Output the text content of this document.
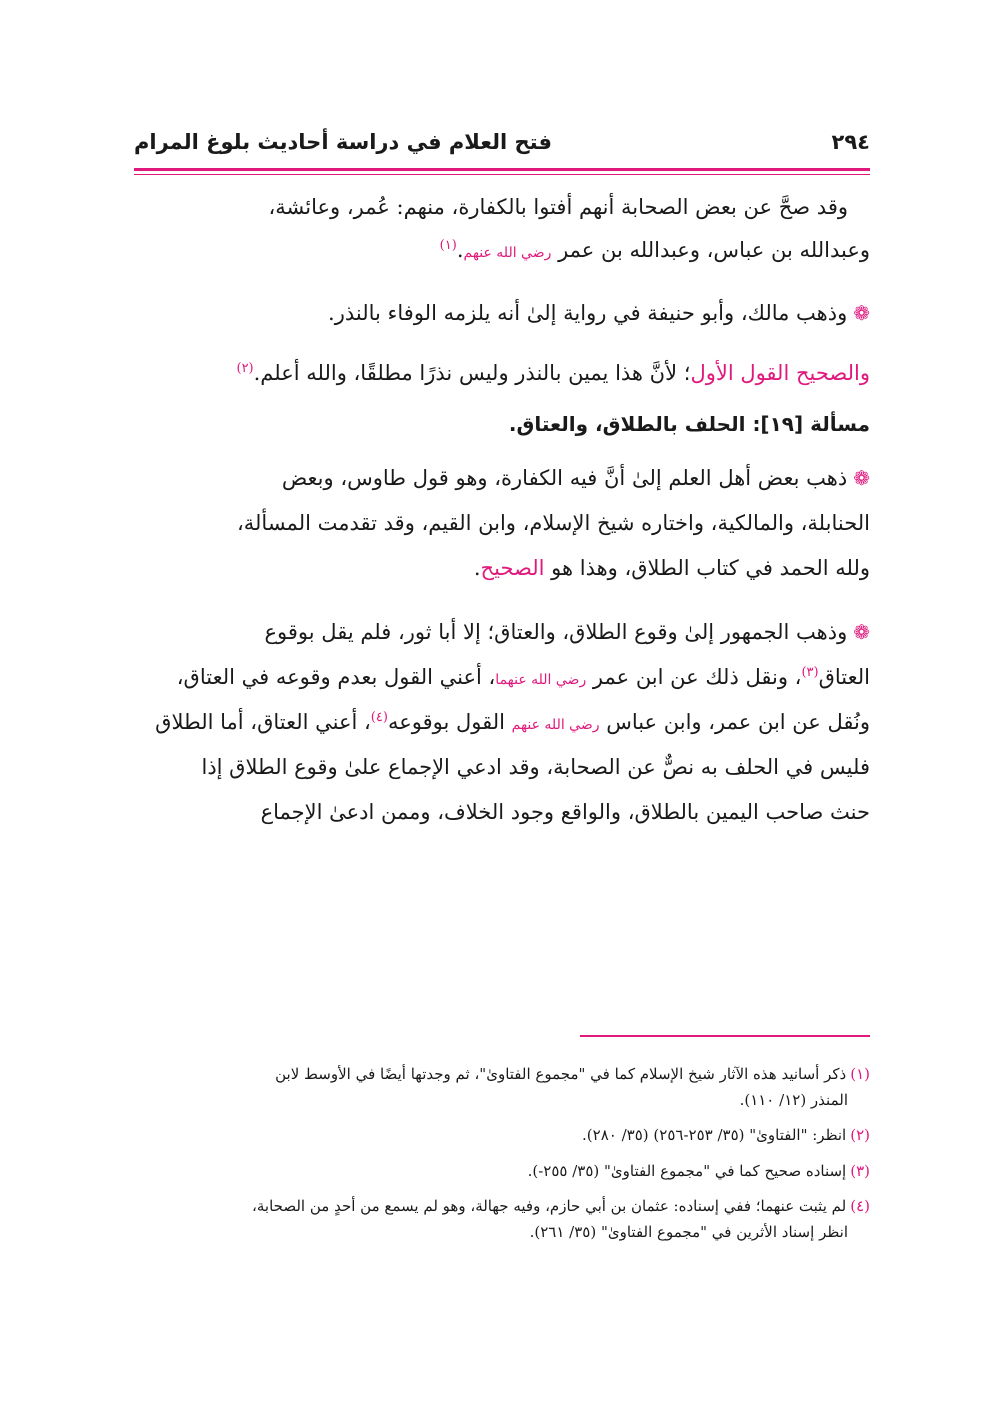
٢٩٤
فتح العلام في دراسة أحاديث بلوغ المرام

وقد صحَّ عن بعض الصحابة أنهم أفتوا بالكفارة، منهم: عُمر، وعائشة،

وعبدالله بن عباس، وعبدالله بن عمر رضي الله عنهم.$^{(١)}$

❁وذهب مالك، وأبو حنيفة في رواية إلىٰ أنه يلزمه الوفاء بالنذر.

والصحيح القول الأول؛ لأنَّ هذا يمين بالنذر وليس نذرًا مطلقًا، والله أعلم.$^{(٢)}$

مسألة [١٩]: الحلف بالطلاق، والعتاق.

❁ذهب بعض أهل العلم إلىٰ أنَّ فيه الكفارة، وهو قول طاوس، وبعض

الحنابلة، والمالكية، واختاره شيخ الإسلام، وابن القيم، وقد تقدمت المسألة،

ولله الحمد في كتاب الطلاق، وهذا هو الصحيح.

❁وذهب الجمهور إلىٰ وقوع الطلاق، والعتاق؛ إلا أبا ثور، فلم يقل بوقوع

العتاق$^{(٣)}$، ونقل ذلك عن ابن عمر رضي الله عنهما، أعني القول بعدم وقوعه في العتاق،

ونُقل عن ابن عمر، وابن عباس رضي الله عنهم القول بوقوعه$^{(٤)}$، أعني العتاق، أما الطلاق

فليس في الحلف به نصٌّ عن الصحابة، وقد ادعي الإجماع علىٰ وقوع الطلاق إذا

حنث صاحب اليمين بالطلاق، والواقع وجود الخلاف، وممن ادعىٰ الإجماع

(١)ذكر أسانيد هذه الآثار شيخ الإسلام كما في "مجموع الفتاوىٰ"، ثم وجدتها أيضًا في الأوسط لابن
المنذر (١٢/ ١١٠).
(٢)انظر: "الفتاوىٰ" (٣٥/ ٢٥٣-٢٥٦) (٣٥/ ٢٨٠).
(٣)إسناده صحيح كما في "مجموع الفتاوىٰ" (٣٥/ ٢٥٥-).
(٤)لم يثبت عنهما؛ ففي إسناده: عثمان بن أبي حازم، وفيه جهالة، وهو لم يسمع من أحدٍ من الصحابة،
انظر إسناد الأثرين في "مجموع الفتاوىٰ" (٣٥/ ٢٦١).
